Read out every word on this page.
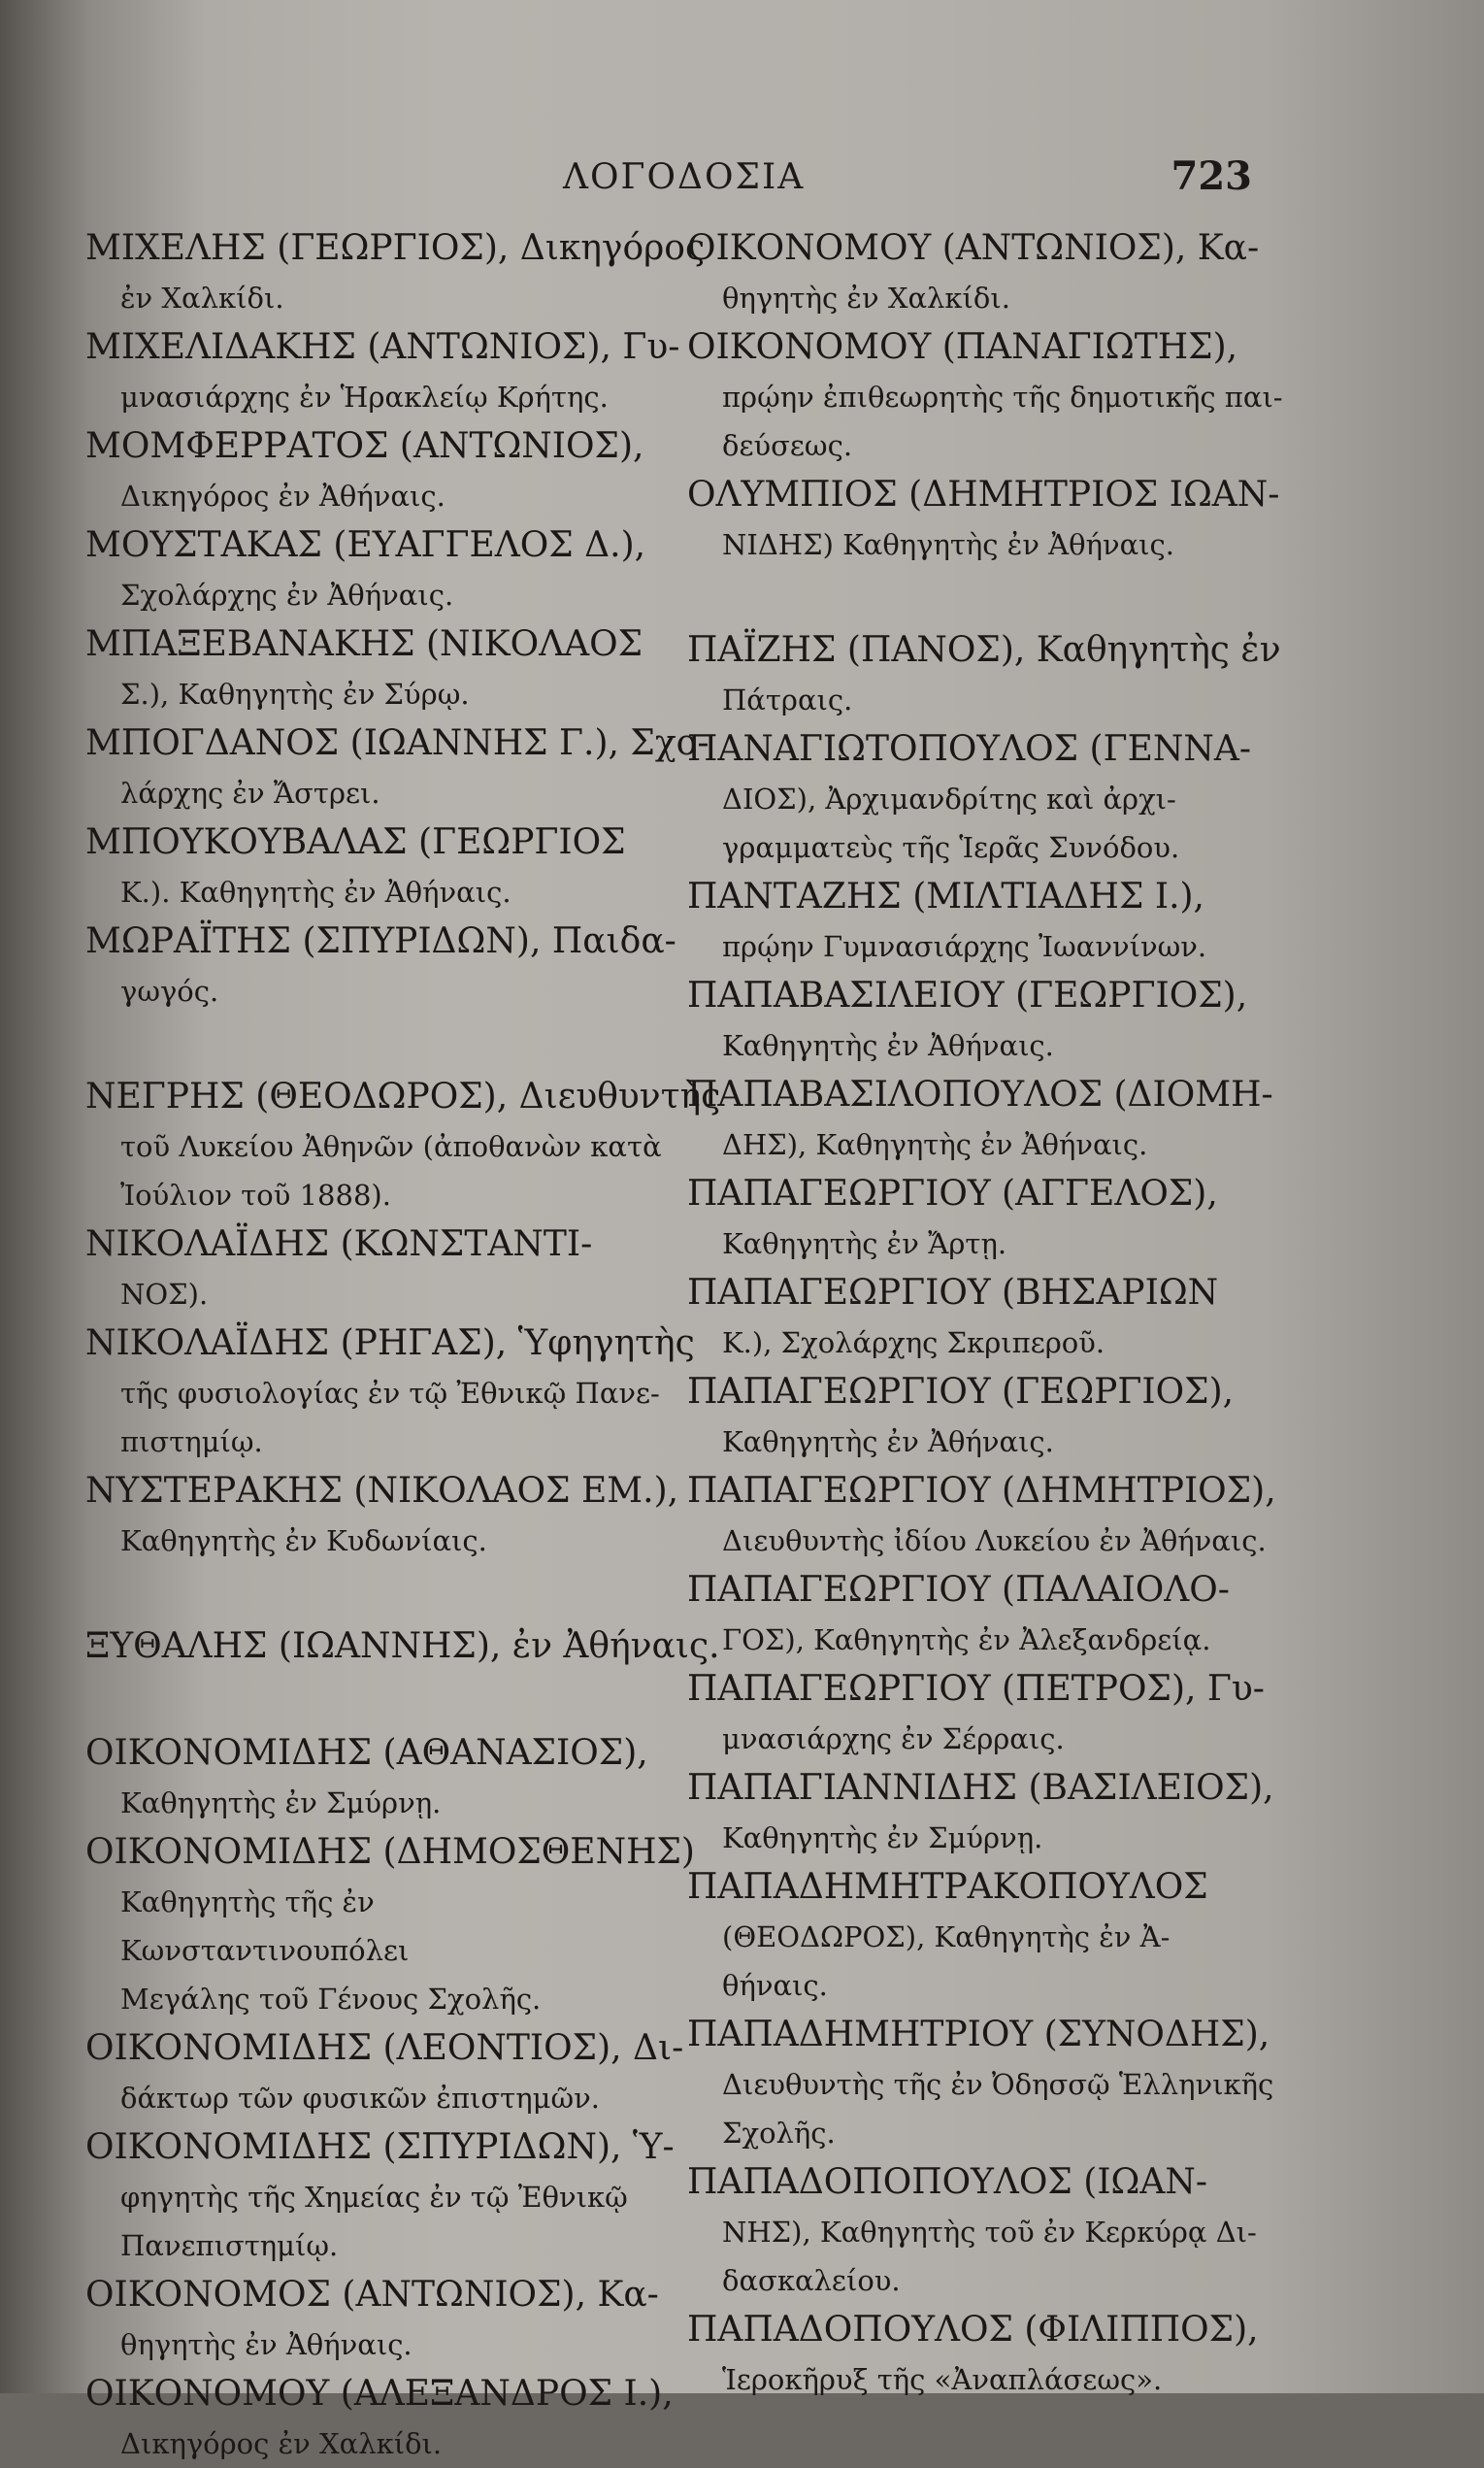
ΛΟΓΟΔΟΣΙΑ	723
ΜΙΧΕΛΗΣ (ΓΕΩΡΓΙΟΣ), Δικηγόρος
ἐν Χαλκίδι.
ΜΙΧΕΛΙΔΑΚΗΣ (ΑΝΤΩΝΙΟΣ), Γυ-
μνασιάρχης ἐν Ἡρακλείῳ Κρήτης.
ΜΟΜΦΕΡΡΑΤΟΣ (ΑΝΤΩΝΙΟΣ),
Δικηγόρος ἐν Ἀθήναις.
ΜΟΥΣΤΑΚΑΣ (ΕΥΑΓΓΕΛΟΣ Δ.),
Σχολάρχης ἐν Ἀθήναις.
ΜΠΑΞΕΒΑΝΑΚΗΣ (ΝΙΚΟΛΑΟΣ
Σ.), Καθηγητὴς ἐν Σύρῳ.
ΜΠΟΓΔΑΝΟΣ (ΙΩΑΝΝΗΣ Γ.), Σχο-
λάρχης ἐν Ἄστρει.
ΜΠΟΥΚΟΥΒΑΛΑΣ (ΓΕΩΡΓΙΟΣ
Κ.). Καθηγητὴς ἐν Ἀθήναις.
ΜΩΡΑΪΤΗΣ (ΣΠΥΡΙΔΩΝ), Παιδα-
γωγός.
ΝΕΓΡΗΣ (ΘΕΟΔΩΡΟΣ), Διευθυντὴς
τοῦ Λυκείου Ἀθηνῶν (ἀποθανὼν κατὰ
Ἰούλιον τοῦ 1888).
ΝΙΚΟΛΑΪΔΗΣ (ΚΩΝΣΤΑΝΤΙ-
ΝΟΣ).
ΝΙΚΟΛΑΪΔΗΣ (ΡΗΓΑΣ), Ὑφηγητὴς
τῆς φυσιολογίας ἐν τῷ Ἐθνικῷ Πανε-
πιστημίῳ.
ΝΥΣΤΕΡΑΚΗΣ (ΝΙΚΟΛΑΟΣ ΕΜ.),
Καθηγητὴς ἐν Κυδωνίαις.
ΞΥΘΑΛΗΣ (ΙΩΑΝΝΗΣ), ἐν Ἀθήναις.
ΟΙΚΟΝΟΜΙΔΗΣ (ΑΘΑΝΑΣΙΟΣ),
Καθηγητὴς ἐν Σμύρνῃ.
ΟΙΚΟΝΟΜΙΔΗΣ (ΔΗΜΟΣΘΕΝΗΣ)
Καθηγητὴς τῆς ἐν Κωνσταντινουπόλει
Μεγάλης τοῦ Γένους Σχολῆς.
ΟΙΚΟΝΟΜΙΔΗΣ (ΛΕΟΝΤΙΟΣ), Δι-
δάκτωρ τῶν φυσικῶν ἐπιστημῶν.
ΟΙΚΟΝΟΜΙΔΗΣ (ΣΠΥΡΙΔΩΝ), Ὑ-
φηγητὴς τῆς Χημείας ἐν τῷ Ἐθνικῷ
Πανεπιστημίῳ.
ΟΙΚΟΝΟΜΟΣ (ΑΝΤΩΝΙΟΣ), Κα-
θηγητὴς ἐν Ἀθήναις.
ΟΙΚΟΝΟΜΟΥ (ΑΛΕΞΑΝΔΡΟΣ Ι.),
Δικηγόρος ἐν Χαλκίδι.
ΟΙΚΟΝΟΜΟΥ (ΑΝΤΩΝΙΟΣ), Κα-
θηγητὴς ἐν Χαλκίδι.
ΟΙΚΟΝΟΜΟΥ (ΠΑΝΑΓΙΩΤΗΣ),
πρῴην ἐπιθεωρητὴς τῆς δημοτικῆς παι-
δεύσεως.
ΟΛΥΜΠΙΟΣ (ΔΗΜΗΤΡΙΟΣ ΙΩΑΝ-
ΝΙΔΗΣ) Καθηγητὴς ἐν Ἀθήναις.
ΠΑΪΖΗΣ (ΠΑΝΟΣ), Καθηγητὴς ἐν
Πάτραις.
ΠΑΝΑΓΙΩΤΟΠΟΥΛΟΣ (ΓΕΝΝΑ-
ΔΙΟΣ), Ἀρχιμανδρίτης καὶ ἀρχι-
γραμματεὺς τῆς Ἱερᾶς Συνόδου.
ΠΑΝΤΑΖΗΣ (ΜΙΛΤΙΑΔΗΣ Ι.),
πρῴην Γυμνασιάρχης Ἰωαννίνων.
ΠΑΠΑΒΑΣΙΛΕΙΟΥ (ΓΕΩΡΓΙΟΣ),
Καθηγητὴς ἐν Ἀθήναις.
ΠΑΠΑΒΑΣΙΛΟΠΟΥΛΟΣ (ΔΙΟΜΗ-
ΔΗΣ), Καθηγητὴς ἐν Ἀθήναις.
ΠΑΠΑΓΕΩΡΓΙΟΥ (ΑΓΓΕΛΟΣ),
Καθηγητὴς ἐν Ἄρτῃ.
ΠΑΠΑΓΕΩΡΓΙΟΥ (ΒΗΣΑΡΙΩΝ
Κ.), Σχολάρχης Σκριπεροῦ.
ΠΑΠΑΓΕΩΡΓΙΟΥ (ΓΕΩΡΓΙΟΣ),
Καθηγητὴς ἐν Ἀθήναις.
ΠΑΠΑΓΕΩΡΓΙΟΥ (ΔΗΜΗΤΡΙΟΣ),
Διευθυντὴς ἰδίου Λυκείου ἐν Ἀθήναις.
ΠΑΠΑΓΕΩΡΓΙΟΥ (ΠΑΛΑΙΟΛΟ-
ΓΟΣ), Καθηγητὴς ἐν Ἀλεξανδρείᾳ.
ΠΑΠΑΓΕΩΡΓΙΟΥ (ΠΕΤΡΟΣ), Γυ-
μνασιάρχης ἐν Σέρραις.
ΠΑΠΑΓΙΑΝΝΙΔΗΣ (ΒΑΣΙΛΕΙΟΣ),
Καθηγητὴς ἐν Σμύρνῃ.
ΠΑΠΑΔΗΜΗΤΡΑΚΟΠΟΥΛΟΣ
(ΘΕΟΔΩΡΟΣ), Καθηγητὴς ἐν Ἀ-
θήναις.
ΠΑΠΑΔΗΜΗΤΡΙΟΥ (ΣΥΝΟΔΗΣ),
Διευθυντὴς τῆς ἐν Ὀδησσῷ Ἑλληνικῆς
Σχολῆς.
ΠΑΠΑΔΟΠΟΠΟΥΛΟΣ (ΙΩΑΝ-
ΝΗΣ), Καθηγητὴς τοῦ ἐν Κερκύρᾳ Δι-
δασκαλείου.
ΠΑΠΑΔΟΠΟΥΛΟΣ (ΦΙΛΙΠΠΟΣ),
Ἱεροκῆρυξ τῆς «Ἀναπλάσεως».
